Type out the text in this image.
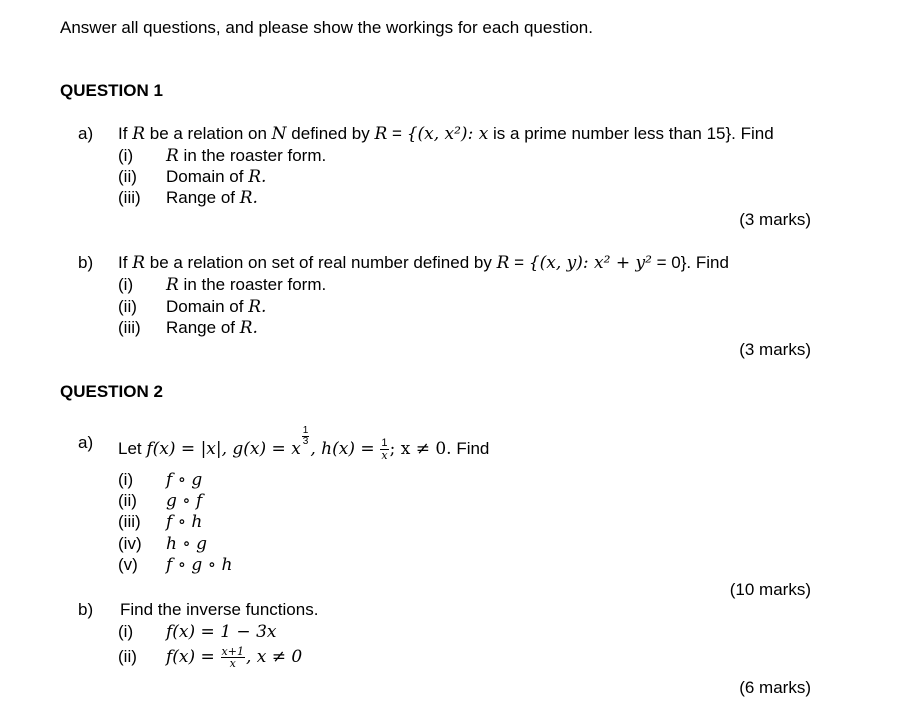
Answer all questions, and please show the workings for each question.
QUESTION 1
a) If R be a relation on N defined by R = {(x, x²): x is a prime number less than 15}. Find
(i) R in the roaster form.
(ii) Domain of R.
(iii) Range of R.
(3 marks)
b) If R be a relation on set of real number defined by R = {(x, y): x² + y² = 0}. Find
(i) R in the roaster form.
(ii) Domain of R.
(iii) Range of R.
(3 marks)
QUESTION 2
a) Let f(x) = |x|, g(x) = x
$\frac{1}{3}$
, $h(x) = \frac{1}{x}$ ; x ≠ 0. Find
(i) f ∘ g
(ii) g ∘ f
(iii) f ∘ h
(iv) h ∘ g
(v) f ∘ g ∘ h
(10 marks)
b) Find the inverse functions.
(i) f(x) = 1 − 3x
(ii) $f(x) = \frac{x+1}{x}$ , x ≠ 0
(6 marks)
